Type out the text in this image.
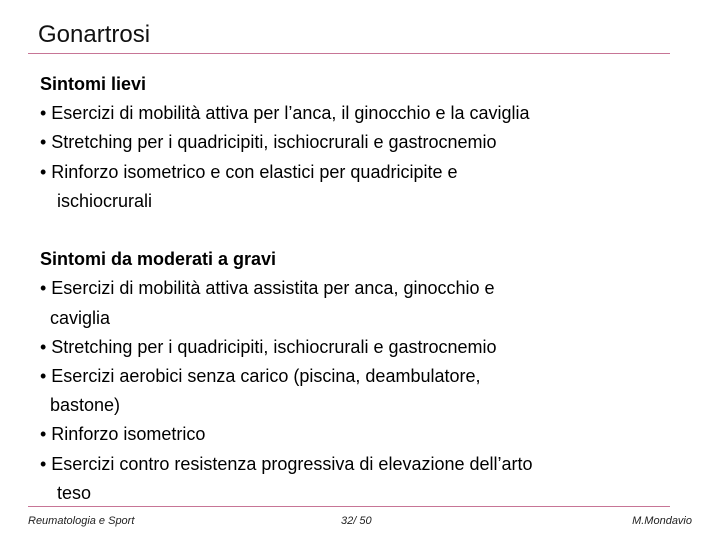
Gonartrosi
Sintomi lievi
• Esercizi di mobilità attiva per l’anca, il ginocchio e la caviglia
• Stretching per i quadricipiti, ischiocrurali e gastrocnemio
• Rinforzo isometrico e con elastici per quadricipite e
ischiocrurali
Sintomi da moderati a gravi
• Esercizi di mobilità attiva assistita per anca, ginocchio e
caviglia
• Stretching per i quadricipiti, ischiocrurali e gastrocnemio
• Esercizi aerobici senza carico (piscina, deambulatore,
bastone)
• Rinforzo isometrico
• Esercizi contro resistenza progressiva di elevazione dell’arto
teso
Reumatologia e Sport	32/ 50	M.Mondavio
